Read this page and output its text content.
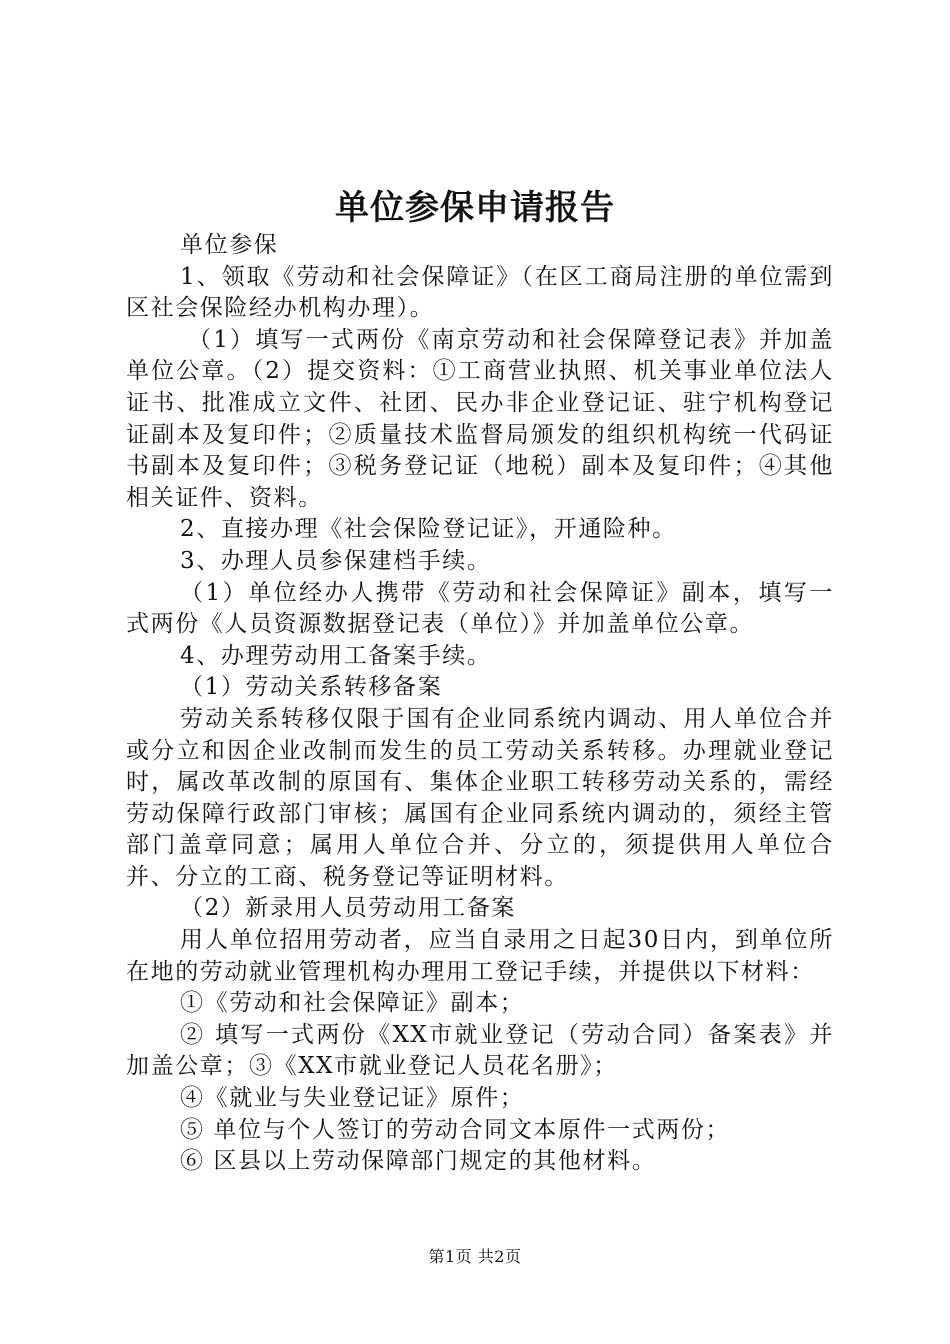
单位参保申请报告

单位参保

1、领取《劳动和社会保障证》（在区工商局注册的单位需到区社会保险经办机构办理）。

（1）填写一式两份《南京劳动和社会保障登记表》并加盖单位公章。（2）提交资料：①工商营业执照、机关事业单位法人证书、批准成立文件、社团、民办非企业登记证、驻宁机构登记证副本及复印件；②质量技术监督局颁发的组织机构统一代码证书副本及复印件；③税务登记证（地税）副本及复印件；④其他相关证件、资料。

2、直接办理《社会保险登记证》，开通险种。

3、办理人员参保建档手续。

（1）单位经办人携带《劳动和社会保障证》副本，填写一式两份《人员资源数据登记表（单位）》并加盖单位公章。

4、办理劳动用工备案手续。

（1）劳动关系转移备案

劳动关系转移仅限于国有企业同系统内调动、用人单位合并或分立和因企业改制而发生的员工劳动关系转移。办理就业登记时，属改革改制的原国有、集体企业职工转移劳动关系的，需经劳动保障行政部门审核；属国有企业同系统内调动的，须经主管部门盖章同意；属用人单位合并、分立的，须提供用人单位合并、分立的工商、税务登记等证明材料。

（2）新录用人员劳动用工备案

用人单位招用劳动者，应当自录用之日起30日内，到单位所在地的劳动就业管理机构办理用工登记手续，并提供以下材料：

①《劳动和社会保障证》副本；

② 填写一式两份《XX市就业登记（劳动合同）备案表》并加盖公章；③《XX市就业登记人员花名册》；

④《就业与失业登记证》原件；

⑤ 单位与个人签订的劳动合同文本原件一式两份；

⑥ 区县以上劳动保障部门规定的其他材料。

第1页 共2页
